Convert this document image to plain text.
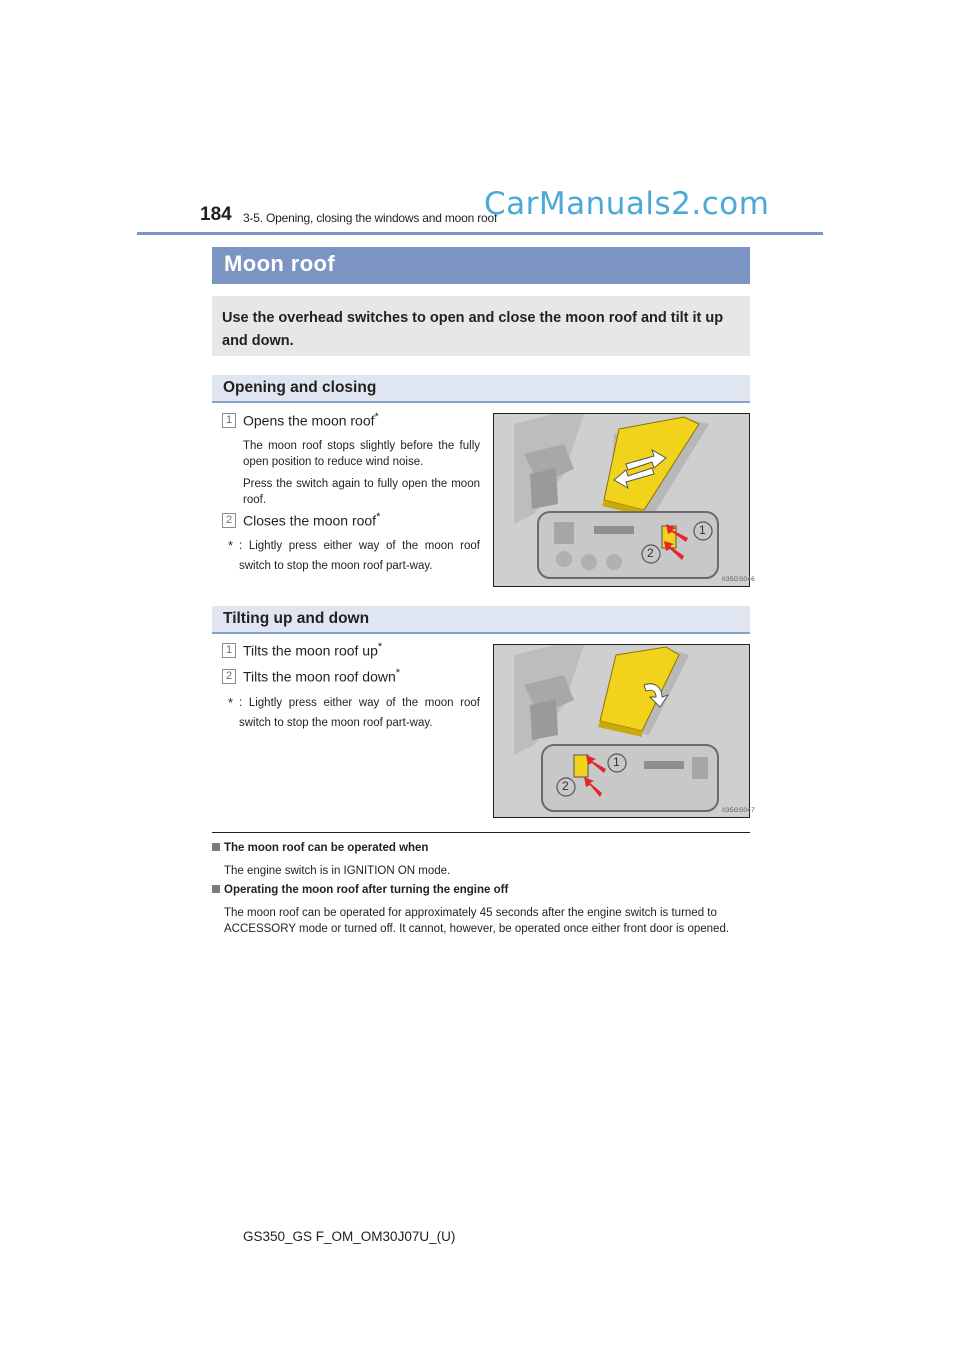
184 3-5. Opening, closing the windows and moon roof
CarManuals2.com
Moon roof

Use the overhead switches to open and close the moon roof and tilt it up and down.

Opening and closing
1 Opens the moon roof*
The moon roof stops slightly before the fully open position to reduce wind noise.
Press the switch again to fully open the moon roof.
2 Closes the moon roof*
* : Lightly press either way of the moon roof switch to stop the moon roof part-way.
II35GS046
1
2
Tilting up and down
1 Tilts the moon roof up*
2 Tilts the moon roof down*
* : Lightly press either way of the moon roof switch to stop the moon roof part-way.
II35GS047
1
2
The moon roof can be operated when
The engine switch is in IGNITION ON mode.
Operating the moon roof after turning the engine off
The moon roof can be operated for approximately 45 seconds after the engine switch is turned to ACCESSORY mode or turned off. It cannot, however, be operated once either front door is opened.
GS350_GS F_OM_OM30J07U_(U)
